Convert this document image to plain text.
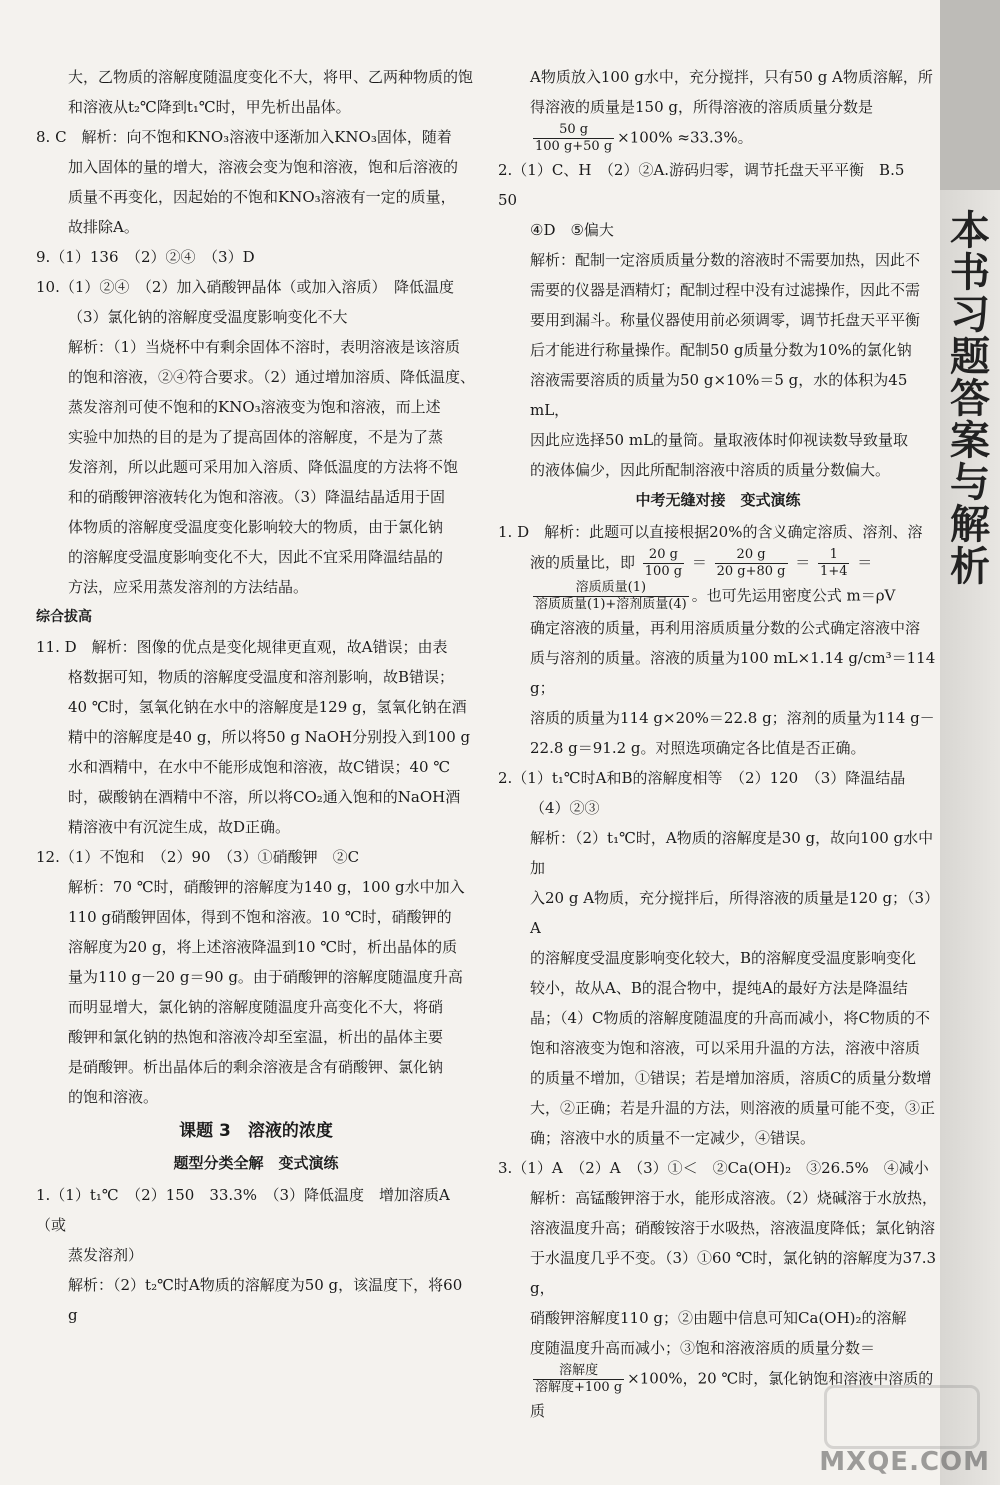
大，乙物质的溶解度随温度变化不大，将甲、乙两种物质的饱

和溶液从t₂℃降到t₁℃时，甲先析出晶体。

8. C　解析：向不饱和KNO₃溶液中逐渐加入KNO₃固体，随着

加入固体的量的增大，溶液会变为饱和溶液，饱和后溶液的

质量不再变化，因起始的不饱和KNO₃溶液有一定的质量，

故排除A。

9.（1）136　（2）②④　（3）D

10.（1）②④　（2）加入硝酸钾晶体（或加入溶质）　降低温度

（3）氯化钠的溶解度受温度影响变化不大

解析：（1）当烧杯中有剩余固体不溶时，表明溶液是该溶质

的饱和溶液，②④符合要求。（2）通过增加溶质、降低温度、

蒸发溶剂可使不饱和的KNO₃溶液变为饱和溶液，而上述

实验中加热的目的是为了提高固体的溶解度，不是为了蒸

发溶剂，所以此题可采用加入溶质、降低温度的方法将不饱

和的硝酸钾溶液转化为饱和溶液。（3）降温结晶适用于固

体物质的溶解度受温度变化影响较大的物质，由于氯化钠

的溶解度受温度影响变化不大，因此不宜采用降温结晶的

方法，应采用蒸发溶剂的方法结晶。

综合拔高

11. D　解析：图像的优点是变化规律更直观，故A错误；由表

格数据可知，物质的溶解度受温度和溶剂影响，故B错误；

40 ℃时，氢氧化钠在水中的溶解度是129 g，氢氧化钠在酒

精中的溶解度是40 g，所以将50 g NaOH分别投入到100 g

水和酒精中，在水中不能形成饱和溶液，故C错误；40 ℃

时，碳酸钠在酒精中不溶，所以将CO₂通入饱和的NaOH酒

精溶液中有沉淀生成，故D正确。

12.（1）不饱和　（2）90　（3）①硝酸钾　②C

解析：70 ℃时，硝酸钾的溶解度为140 g，100 g水中加入

110 g硝酸钾固体，得到不饱和溶液。10 ℃时，硝酸钾的

溶解度为20 g，将上述溶液降温到10 ℃时，析出晶体的质

量为110 g－20 g＝90 g。由于硝酸钾的溶解度随温度升高

而明显增大，氯化钠的溶解度随温度升高变化不大，将硝

酸钾和氯化钠的热饱和溶液冷却至室温，析出的晶体主要

是硝酸钾。析出晶体后的剩余溶液是含有硝酸钾、氯化钠

的饱和溶液。

课题 3　溶液的浓度

题型分类全解　变式演练

1.（1）t₁℃　（2）150　33.3%　（3）降低温度　增加溶质A（或

蒸发溶剂）

解析：（2）t₂℃时A物质的溶解度为50 g，该温度下，将60 g

A物质放入100 g水中，充分搅拌，只有50 g A物质溶解，所

得溶液的质量是150 g，所得溶液的溶质质量分数是

$\frac{50 g}{100 g+50 g} \times 100\% \approx 33.3\%$。

2.（1）C、H　（2）②A.游码归零，调节托盘天平平衡　B.5　50

④D　⑤偏大

解析：配制一定溶质质量分数的溶液时不需要加热，因此不

需要的仪器是酒精灯；配制过程中没有过滤操作，因此不需

要用到漏斗。称量仪器使用前必须调零，调节托盘天平平衡

后才能进行称量操作。配制50 g质量分数为10%的氯化钠

溶液需要溶质的质量为50 g×10%＝5 g，水的体积为45 mL，

因此应选择50 mL的量筒。量取液体时仰视读数导致量取

的液体偏少，因此所配制溶液中溶质的质量分数偏大。

中考无缝对接　变式演练

1. D　解析：此题可以直接根据20%的含义确定溶质、溶剂、溶

液的质量比，即 $\frac{20 g}{100 g} = \frac{20 g}{20 g+80 g} = \frac{1}{1+4}$ ＝

$\frac{\text{溶质质量(1)}}{\text{溶质质量(1)+溶剂质量(4)}}$ 。也可先运用密度公式 m＝ρV

确定溶液的质量，再利用溶质质量分数的公式确定溶液中溶

质与溶剂的质量。溶液的质量为100 mL×1.14 g/cm³＝114 g；

溶质的质量为114 g×20%＝22.8 g；溶剂的质量为114 g－

22.8 g＝91.2 g。对照选项确定各比值是否正确。

2.（1）t₁℃时A和B的溶解度相等　（2）120　（3）降温结晶

（4）②③

解析：（2）t₁℃时，A物质的溶解度是30 g，故向100 g水中加

入20 g A物质，充分搅拌后，所得溶液的质量是120 g；（3）A

的溶解度受温度影响变化较大，B的溶解度受温度影响变化

较小，故从A、B的混合物中，提纯A的最好方法是降温结

晶；（4）C物质的溶解度随温度的升高而减小，将C物质的不

饱和溶液变为饱和溶液，可以采用升温的方法，溶液中溶质

的质量不增加，①错误；若是增加溶质，溶质C的质量分数增

大，②正确；若是升温的方法，则溶液的质量可能不变，③正

确；溶液中水的质量不一定减少，④错误。

3.（1）A　（2）A　（3）①＜　②Ca(OH)₂　③26.5%　④减小

解析：高锰酸钾溶于水，能形成溶液。（2）烧碱溶于水放热，

溶液温度升高；硝酸铵溶于水吸热，溶液温度降低；氯化钠溶

于水温度几乎不变。（3）①60 ℃时，氯化钠的溶解度为37.3 g，

硝酸钾溶解度110 g；②由题中信息可知Ca(OH)₂的溶解

度随温度升高而减小；③饱和溶液溶质的质量分数＝

$\frac{\text{溶解度}}{\text{溶解度+100 g}} \times 100\%$，20 ℃时，氯化钠饱和溶液中溶质的质

本书习题答案与解析
MXQE.COM
